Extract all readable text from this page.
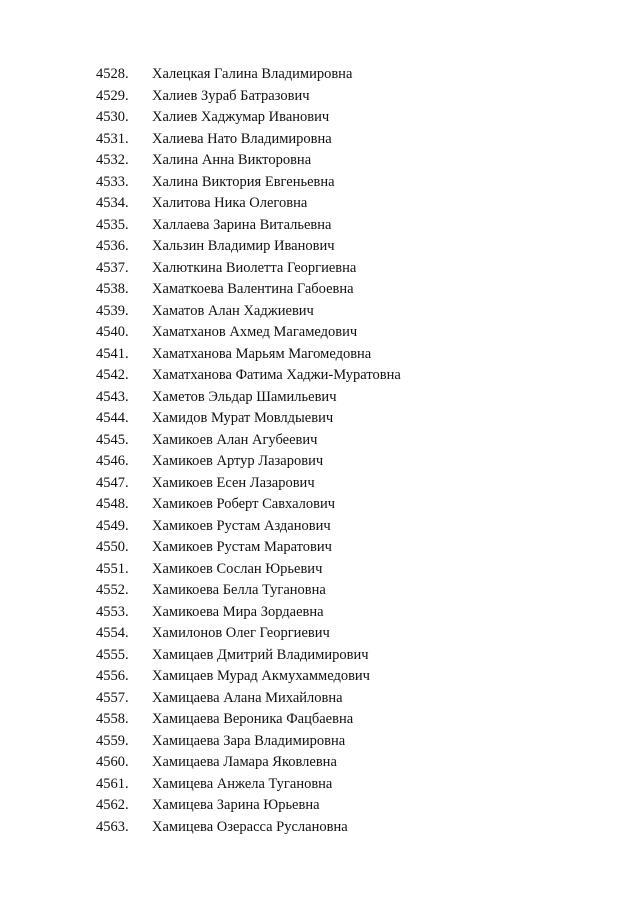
4528.	Халецкая Галина Владимировна
4529.	Халиев Зураб Батразович
4530.	Халиев Хаджумар Иванович
4531.	Халиева Нато Владимировна
4532.	Халина Анна Викторовна
4533.	Халина Виктория Евгеньевна
4534.	Халитова Ника Олеговна
4535.	Халлаева Зарина Витальевна
4536.	Хальзин Владимир Иванович
4537.	Халюткина Виолетта Георгиевна
4538.	Хаматкоева Валентина Габоевна
4539.	Хаматов Алан Хаджиевич
4540.	Хаматханов Ахмед Магамедович
4541.	Хаматханова Марьям Магомедовна
4542.	Хаматханова Фатима Хаджи-Муратовна
4543.	Хаметов Эльдар Шамильевич
4544.	Хамидов Мурат Мовлдыевич
4545.	Хамикоев Алан Агубеевич
4546.	Хамикоев Артур Лазарович
4547.	Хамикоев Есен Лазарович
4548.	Хамикоев Роберт Савхалович
4549.	Хамикоев Рустам Азданович
4550.	Хамикоев Рустам Маратович
4551.	Хамикоев Сослан Юрьевич
4552.	Хамикоева Белла Тугановна
4553.	Хамикоева Мира Зордаевна
4554.	Хамилонов Олег Георгиевич
4555.	Хамицаев Дмитрий Владимирович
4556.	Хамицаев Мурад Акмухаммедович
4557.	Хамицаева Алана Михайловна
4558.	Хамицаева Вероника Фацбаевна
4559.	Хамицаева Зара Владимировна
4560.	Хамицаева Ламара Яковлевна
4561.	Хамицева Анжела Тугановна
4562.	Хамицева Зарина Юрьевна
4563.	Хамицева Озерасса Руслановна
